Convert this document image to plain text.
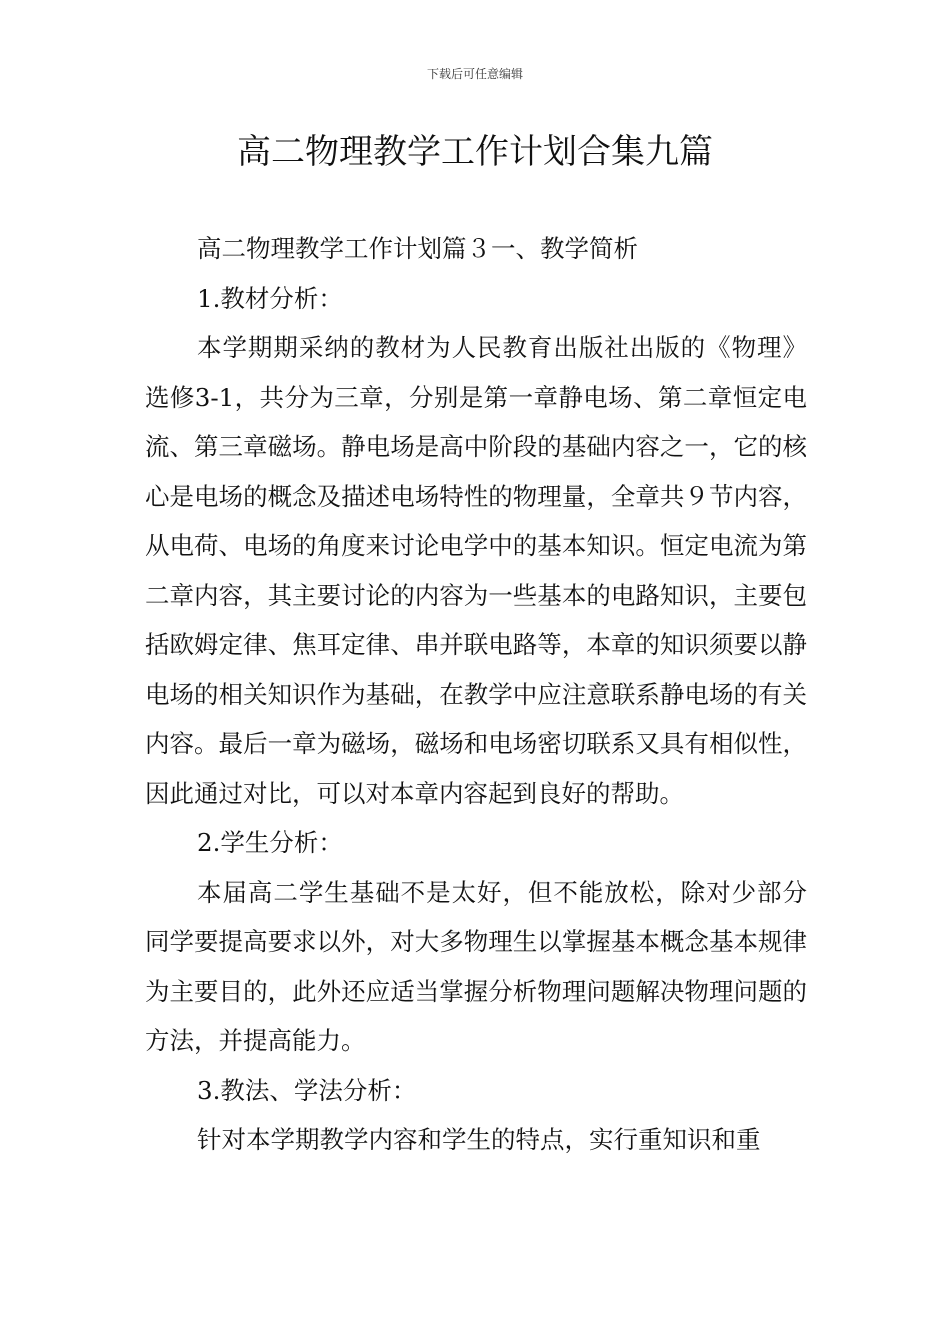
下载后可任意编辑
高二物理教学工作计划合集九篇

高二物理教学工作计划篇３一、教学简析

1.教材分析：

本学期期采纳的教材为人民教育出版社出版的《物理》选修3-1，共分为三章，分别是第一章静电场、第二章恒定电流、第三章磁场。静电场是高中阶段的基础内容之一，它的核心是电场的概念及描述电场特性的物理量，全章共９节内容，从电荷、电场的角度来讨论电学中的基本知识。恒定电流为第二章内容，其主要讨论的内容为一些基本的电路知识，主要包括欧姆定律、焦耳定律、串并联电路等，本章的知识须要以静电场的相关知识作为基础，在教学中应注意联系静电场的有关内容。最后一章为磁场，磁场和电场密切联系又具有相似性，因此通过对比，可以对本章内容起到良好的帮助。

2.学生分析：

本届高二学生基础不是太好，但不能放松，除对少部分同学要提高要求以外，对大多物理生以掌握基本概念基本规律为主要目的，此外还应适当掌握分析物理问题解决物理问题的方法，并提高能力。

3.教法、学法分析：

针对本学期教学内容和学生的特点，实行重知识和重
